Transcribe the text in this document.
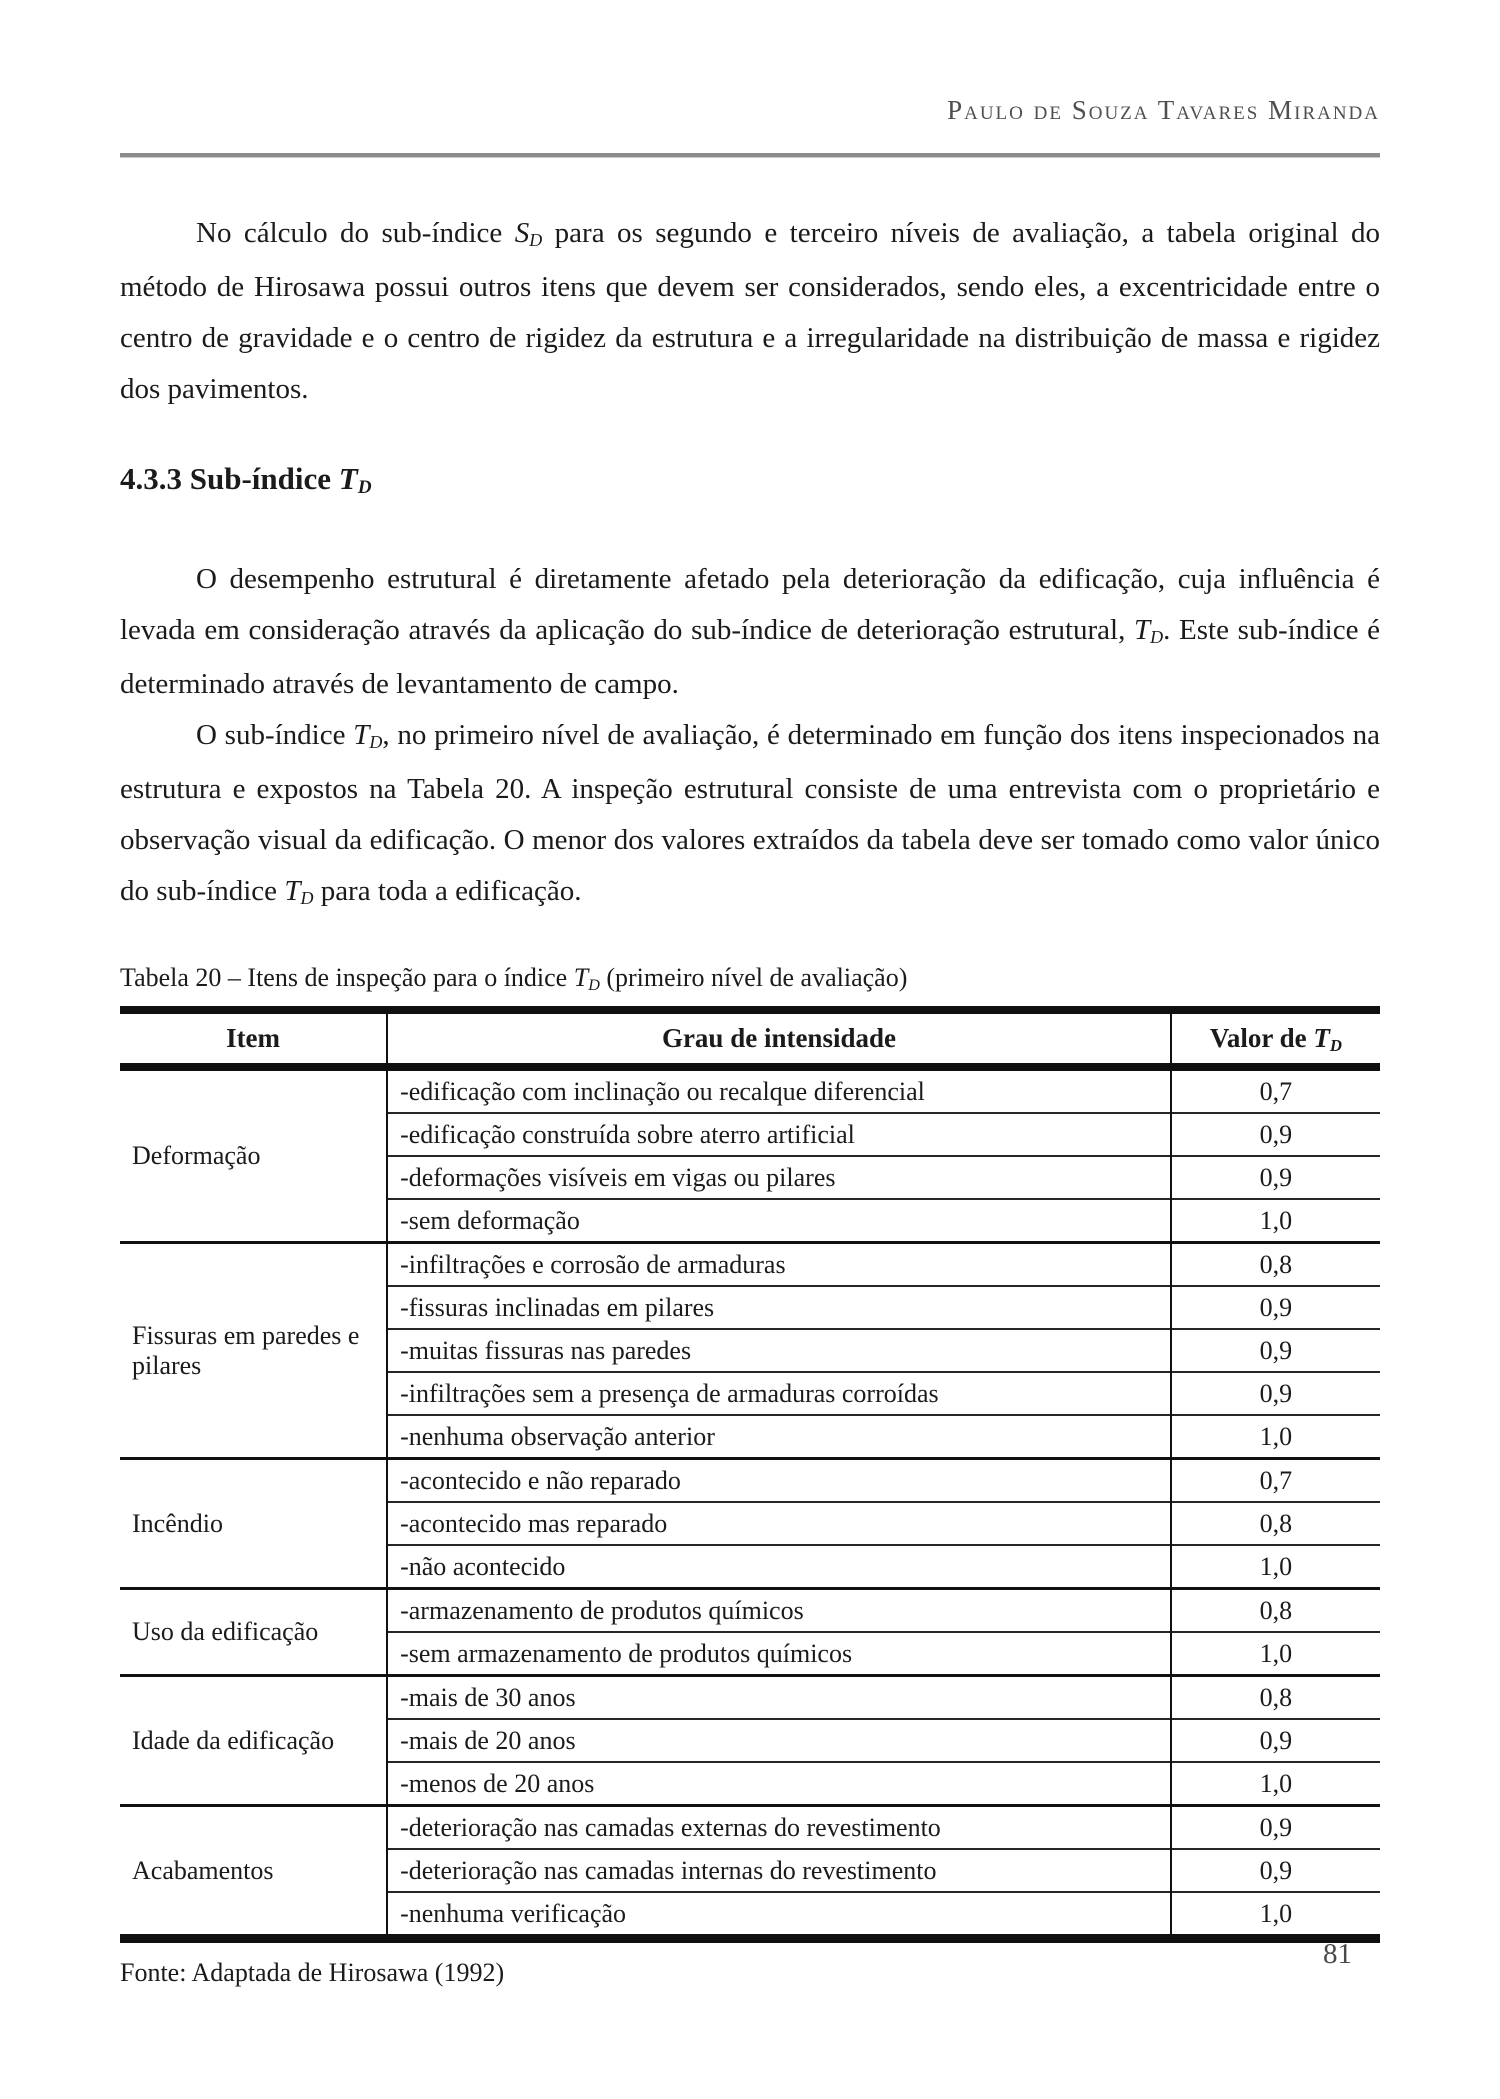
Paulo de Souza Tavares Miranda

No cálculo do sub-índice $S_D$ para os segundo e terceiro níveis de avaliação, a tabela original do método de Hirosawa possui outros itens que devem ser considerados, sendo eles, a excentricidade entre o centro de gravidade e o centro de rigidez da estrutura e a irregularidade na distribuição de massa e rigidez dos pavimentos.

4.3.3 Sub-índice $T_D$

O desempenho estrutural é diretamente afetado pela deterioração da edificação, cuja influência é levada em consideração através da aplicação do sub-índice de deterioração estrutural, $T_D$. Este sub-índice é determinado através de levantamento de campo.

O sub-índice $T_D$, no primeiro nível de avaliação, é determinado em função dos itens inspecionados na estrutura e expostos na Tabela 20. A inspeção estrutural consiste de uma entrevista com o proprietário e observação visual da edificação. O menor dos valores extraídos da tabela deve ser tomado como valor único do sub-índice $T_D$ para toda a edificação.

Tabela 20 – Itens de inspeção para o índice $T_D$ (primeiro nível de avaliação)
Item	Grau de intensidade	Valor de $T_D$
Deformação	-edificação com inclinação ou recalque diferencial	0,7
	-edificação construída sobre aterro artificial	0,9
	-deformações visíveis em vigas ou pilares	0,9
	-sem deformação	1,0
Fissuras em paredes e pilares	-infiltrações e corrosão de armaduras	0,8
	-fissuras inclinadas em pilares	0,9
	-muitas fissuras nas paredes	0,9
	-infiltrações sem a presença de armaduras corroídas	0,9
	-nenhuma observação anterior	1,0
Incêndio	-acontecido e não reparado	0,7
	-acontecido mas reparado	0,8
	-não acontecido	1,0
Uso da edificação	-armazenamento de produtos químicos	0,8
	-sem armazenamento de produtos químicos	1,0
Idade da edificação	-mais de 30 anos	0,8
	-mais de 20 anos	0,9
	-menos de 20 anos	1,0
Acabamentos	-deterioração nas camadas externas do revestimento	0,9
	-deterioração nas camadas internas do revestimento	0,9
	-nenhuma verificação	1,0
Fonte: Adaptada de Hirosawa (1992)
81
